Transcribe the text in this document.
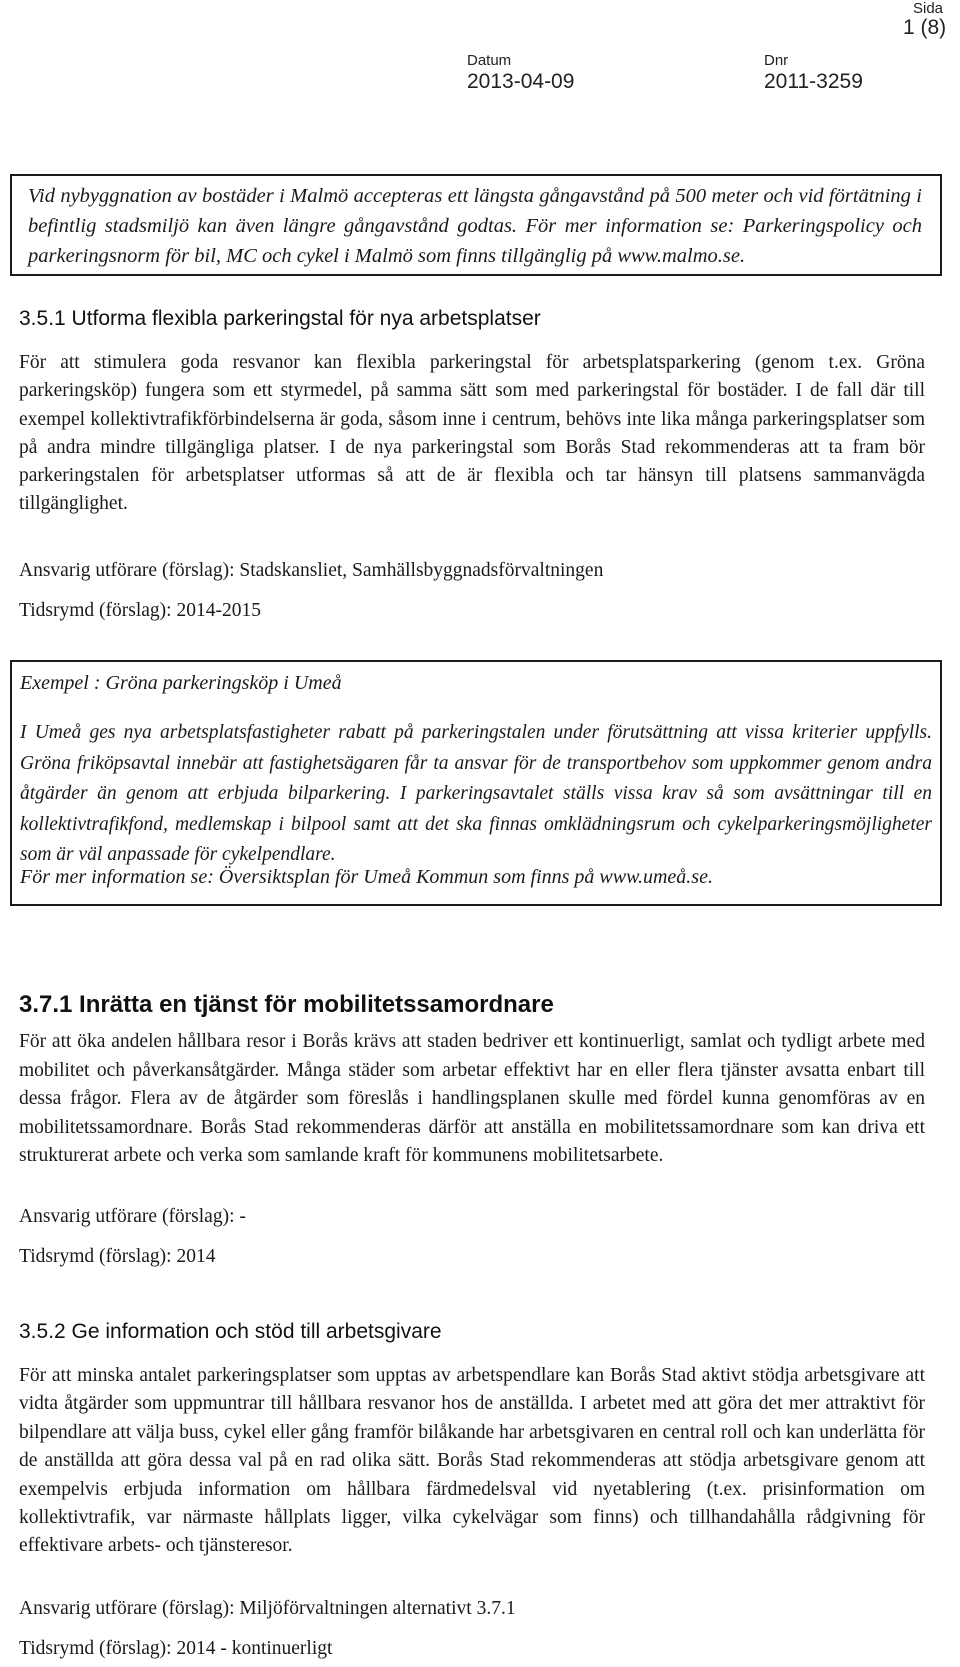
Sida
1 (8)
Datum
2013-04-09
Dnr
2011-3259
Vid nybyggnation av bostäder i Malmö accepteras ett längsta gångavstånd på 500 meter och vid förtätning i befintlig stadsmiljö kan även längre gångavstånd godtas. För mer information se: Parkeringspolicy och parkeringsnorm för bil, MC och cykel i Malmö som finns tillgänglig på www.malmo.se.
3.5.1 Utforma flexibla parkeringstal för nya arbetsplatser
För att stimulera goda resvanor kan flexibla parkeringstal för arbetsplatsparkering (genom t.ex. Gröna parkeringsköp) fungera som ett styrmedel, på samma sätt som med parkeringstal för bostäder. I de fall där till exempel kollektivtrafikförbindelserna är goda, såsom inne i centrum, behövs inte lika många parkeringsplatser som på andra mindre tillgängliga platser. I de nya parkeringstal som Borås Stad rekommenderas att ta fram bör parkeringstalen för arbetsplatser utformas så att de är flexibla och tar hänsyn till platsens sammanvägda tillgänglighet.
Ansvarig utförare (förslag): Stadskansliet, Samhällsbyggnadsförvaltningen
Tidsrymd (förslag): 2014-2015
Exempel : Gröna parkeringsköp i Umeå
I Umeå ges nya arbetsplatsfastigheter rabatt på parkeringstalen under förutsättning att vissa kriterier uppfylls. Gröna friköpsavtal innebär att fastighetsägaren får ta ansvar för de transportbehov som uppkommer genom andra åtgärder än genom att erbjuda bilparkering. I parkeringsavtalet ställs vissa krav så som avsättningar till en kollektivtrafikfond, medlemskap i bilpool samt att det ska finnas omklädningsrum och cykelparkeringsmöjligheter som är väl anpassade för cykelpendlare.
För mer information se: Översiktsplan för Umeå Kommun som finns på www.umeå.se.
3.7.1 Inrätta en tjänst för mobilitetssamordnare
För att öka andelen hållbara resor i Borås krävs att staden bedriver ett kontinuerligt, samlat och tydligt arbete med mobilitet och påverkansåtgärder. Många städer som arbetar effektivt har en eller flera tjänster avsatta enbart till dessa frågor. Flera av de åtgärder som föreslås i handlingsplanen skulle med fördel kunna genomföras av en mobilitetssamordnare. Borås Stad rekommenderas därför att anställa en mobilitetssamordnare som kan driva ett strukturerat arbete och verka som samlande kraft för kommunens mobilitetsarbete.
Ansvarig utförare (förslag): -
Tidsrymd (förslag): 2014
3.5.2 Ge information och stöd till arbetsgivare
För att minska antalet parkeringsplatser som upptas av arbetspendlare kan Borås Stad aktivt stödja arbetsgivare att vidta åtgärder som uppmuntrar till hållbara resvanor hos de anställda. I arbetet med att göra det mer attraktivt för bilpendlare att välja buss, cykel eller gång framför bilåkande har arbetsgivaren en central roll och kan underlätta för de anställda att göra dessa val på en rad olika sätt. Borås Stad rekommenderas att stödja arbetsgivare genom att exempelvis erbjuda information om hållbara färdmedelsval vid nyetablering (t.ex. prisinformation om kollektivtrafik, var närmaste hållplats ligger, vilka cykelvägar som finns) och tillhandahålla rådgivning för effektivare arbets- och tjänsteresor.
Ansvarig utförare (förslag): Miljöförvaltningen alternativt 3.7.1
Tidsrymd (förslag): 2014 - kontinuerligt
